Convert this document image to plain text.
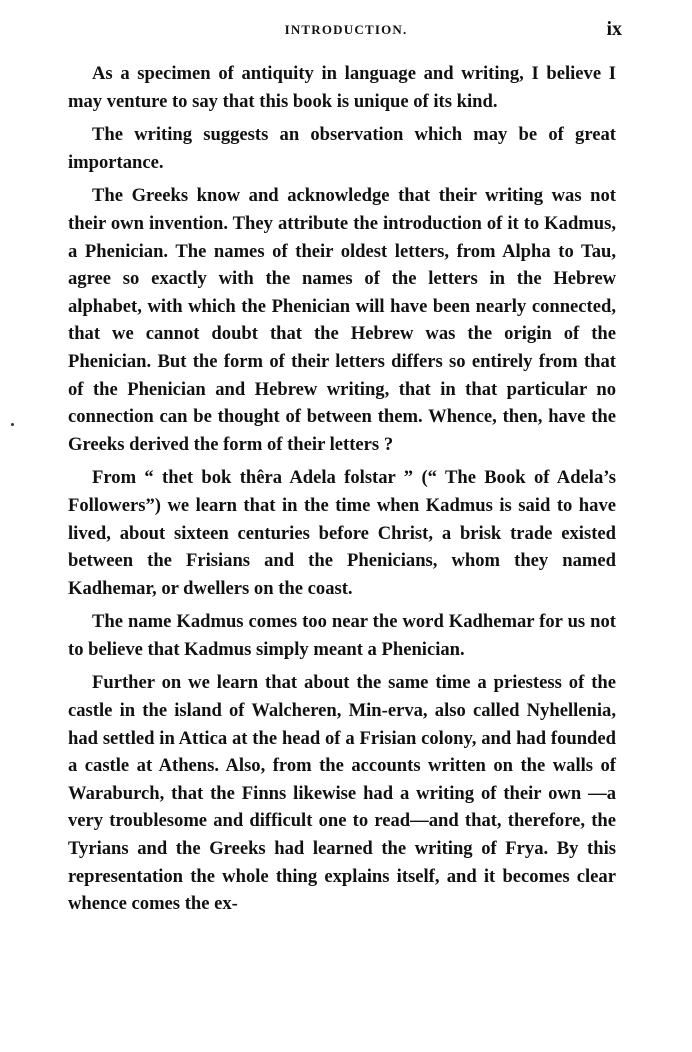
INTRODUCTION.	ix

As a specimen of antiquity in language and writing, I believe I may venture to say that this book is unique of its kind.

The writing suggests an observation which may be of great importance.

The Greeks know and acknowledge that their writing was not their own invention. They attribute the introduction of it to Kadmus, a Phenician. The names of their oldest letters, from Alpha to Tau, agree so exactly with the names of the letters in the Hebrew alphabet, with which the Phenician will have been nearly connected, that we cannot doubt that the Hebrew was the origin of the Phenician. But the form of their letters differs so entirely from that of the Phenician and Hebrew writing, that in that particular no connection can be thought of between them. Whence, then, have the Greeks derived the form of their letters ?

From “ thet bok thêra Adela folstar ” (“ The Book of Adela’s Followers”) we learn that in the time when Kadmus is said to have lived, about sixteen centuries before Christ, a brisk trade existed between the Frisians and the Phenicians, whom they named Kadhemar, or dwellers on the coast.

The name Kadmus comes too near the word Kadhemar for us not to believe that Kadmus simply meant a Phenician.

Further on we learn that about the same time a priestess of the castle in the island of Walcheren, Min-erva, also called Nyhellenia, had settled in Attica at the head of a Frisian colony, and had founded a castle at Athens. Also, from the accounts written on the walls of Waraburch, that the Finns likewise had a writing of their own —a very troublesome and difficult one to read—and that, therefore, the Tyrians and the Greeks had learned the writing of Frya. By this representation the whole thing explains itself, and it becomes clear whence comes the ex-
